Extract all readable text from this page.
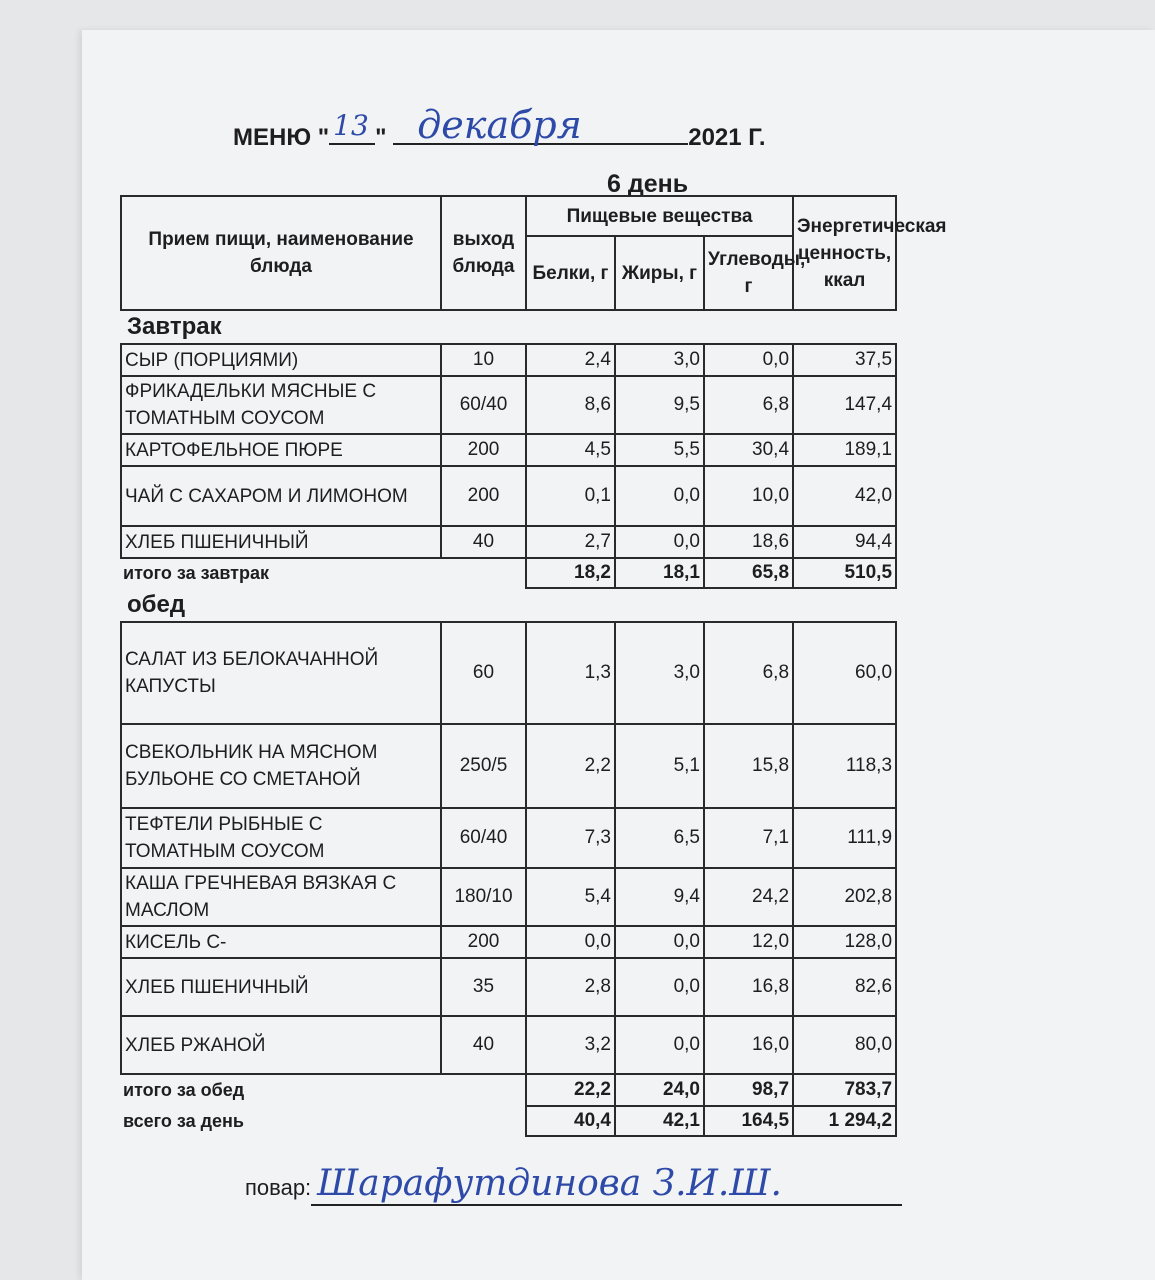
МЕНЮ " 13 " декабря	2021 Г.
6 день
Прием пищи, наименование блюда	выход блюда	Пищевые вещества			Энергетическая ценность, ккал
		Белки, г	Жиры, г	Углеводы, г	
Завтрак					
СЫР (ПОРЦИЯМИ)	10	2,4	3,0	0,0	37,5
ФРИКАДЕЛЬКИ МЯСНЫЕ С ТОМАТНЫМ СОУСОМ	60/40	8,6	9,5	6,8	147,4
КАРТОФЕЛЬНОЕ ПЮРЕ	200	4,5	5,5	30,4	189,1
ЧАЙ С САХАРОМ И ЛИМОНОМ	200	0,1	0,0	10,0	42,0
ХЛЕБ ПШЕНИЧНЫЙ	40	2,7	0,0	18,6	94,4
итого за завтрак		18,2	18,1	65,8	510,5
обед					
САЛАТ ИЗ БЕЛОКАЧАННОЙ КАПУСТЫ	60	1,3	3,0	6,8	60,0
СВЕКОЛЬНИК НА МЯСНОМ БУЛЬОНЕ СО СМЕТАНОЙ	250/5	2,2	5,1	15,8	118,3
ТЕФТЕЛИ РЫБНЫЕ С ТОМАТНЫМ СОУСОМ	60/40	7,3	6,5	7,1	111,9
КАША ГРЕЧНЕВАЯ ВЯЗКАЯ С МАСЛОМ	180/10	5,4	9,4	24,2	202,8
КИСЕЛЬ С-	200	0,0	0,0	12,0	128,0
ХЛЕБ ПШЕНИЧНЫЙ	35	2,8	0,0	16,8	82,6
ХЛЕБ РЖАНОЙ	40	3,2	0,0	16,0	80,0
итого за обед		22,2	24,0	98,7	783,7
всего за день		40,4	42,1	164,5	1 294,2
повар: Шарафутдинова З.И.Ш.
